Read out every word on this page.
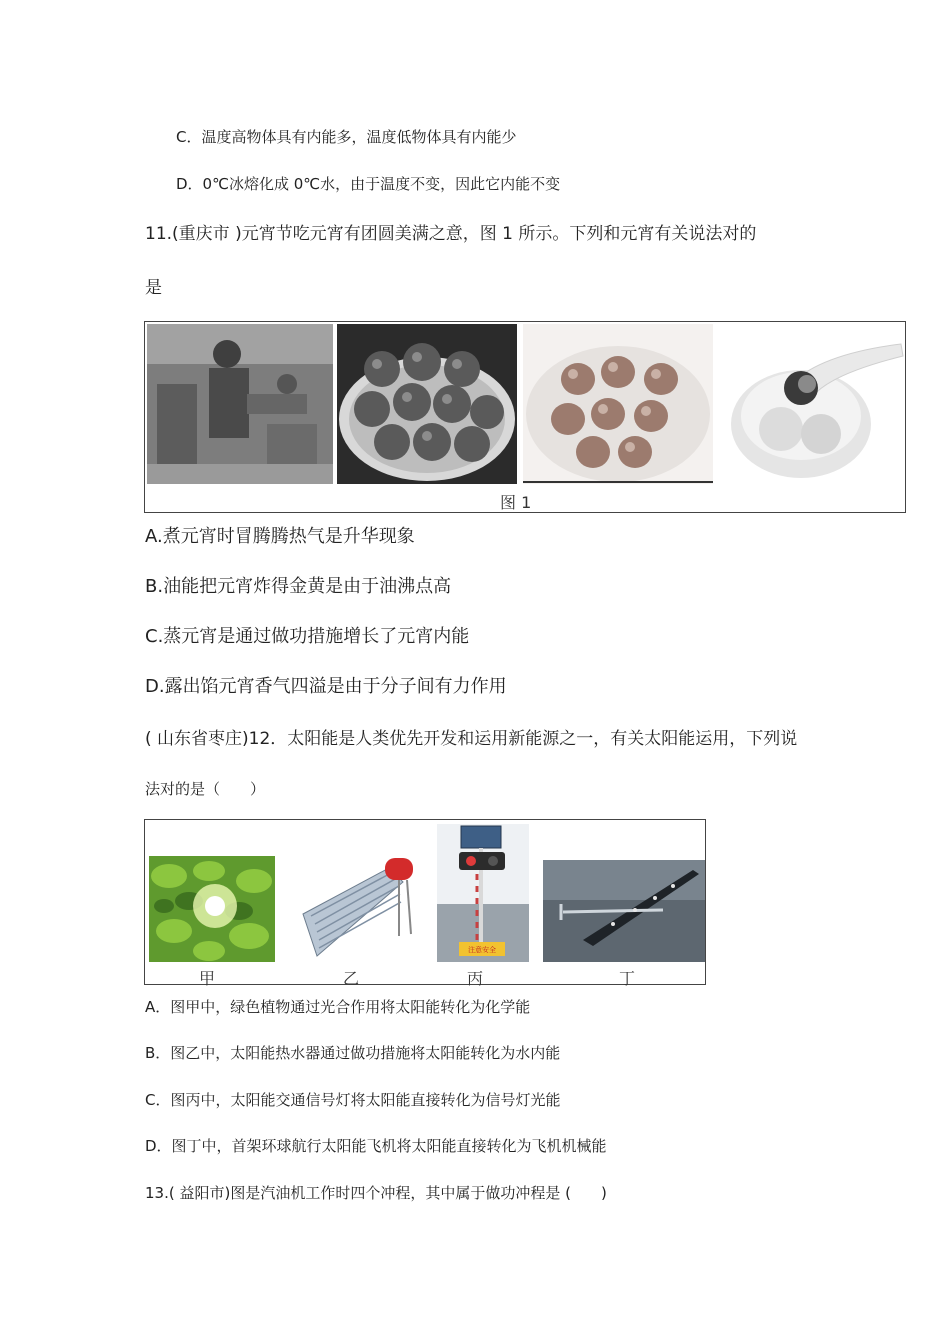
C．温度高物体具有内能多，温度低物体具有内能少
D．0℃冰熔化成 0℃水，由于温度不变，因此它内能不变
11.(重庆市 )元宵节吃元宵有团圆美满之意，图 1 所示。下列和元宵有关说法对的
是
图 1
A.煮元宵时冒腾腾热气是升华现象
B.油能把元宵炸得金黄是由于油沸点高
C.蒸元宵是通过做功措施增长了元宵内能
D.露出馅元宵香气四溢是由于分子间有力作用
( 山东省枣庄)12．太阳能是人类优先开发和运用新能源之一，有关太阳能运用，下列说
法对的是（　　）
注意安全
甲	乙	丙	丁
A．图甲中，绿色植物通过光合作用将太阳能转化为化学能
B．图乙中，太阳能热水器通过做功措施将太阳能转化为水内能
C．图丙中，太阳能交通信号灯将太阳能直接转化为信号灯光能
D．图丁中，首架环球航行太阳能飞机将太阳能直接转化为飞机机械能
13.( 益阳市)图是汽油机工作时四个冲程，其中属于做功冲程是 (　　)
